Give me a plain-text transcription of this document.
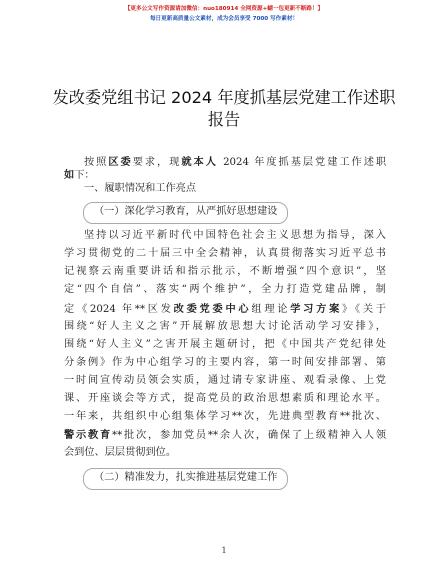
【更多公文写作资源请加微信：nuo180914 全网资源+蝴一包更新不断路！】
每日更新高质量公文素材，成为会员享受 7000 写作素材！
发改委党组书记 2024 年度抓基层党建工作述职
报告
按照区委要求，现就本人 2024 年度抓基层党建工作述职
如下：
一、履职情况和工作亮点
（一）深化学习教育，从严抓好思想建设
坚持以习近平新时代中国特色社会主义思想为指导，深入
学习贯彻党的二十届三中全会精神，认真贯彻落实习近平总书
记视察云南重要讲话和指示批示，不断增强“四个意识”，坚
定“四个自信”、落实“两个维护”，全力打造党建品牌，制
定《2024 年**区发改委党委中心组理论学习方案》《关于
围绕“好人主义之害”开展解放思想大讨论活动学习安排》，
围绕“好人主义”之害开展主题研讨，把《中国共产党纪律处
分条例》作为中心组学习的主要内容，第一时间安排部署、第
一时间宣传动员领会实质，通过请专家讲座、观看录像、上党
课、开座谈会等方式，提高党员的政治思想素质和理论水平。
一年来，共组织中心组集体学习**次，先进典型教育**批次、
警示教育**批次，参加党员**余人次，确保了上级精神入人领
会到位、层层贯彻到位。
（二）精准发力，扎实推进基层党建工作
1
